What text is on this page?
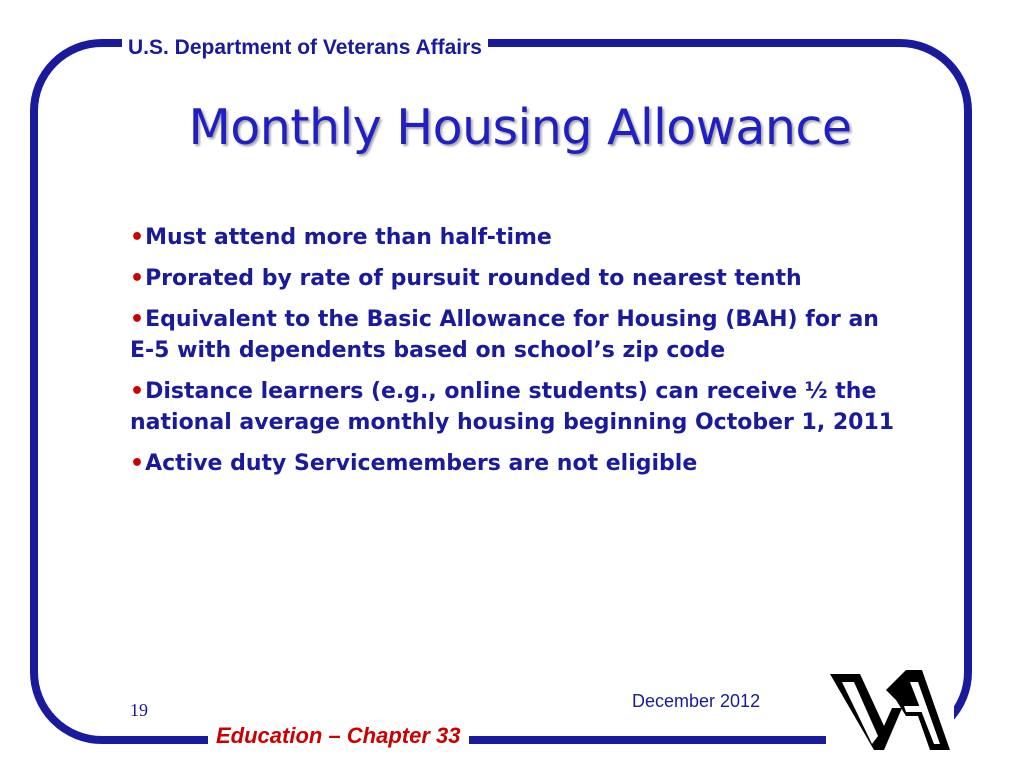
U.S. Department of Veterans Affairs
Monthly Housing Allowance
•Must attend more than half-time
•Prorated by rate of pursuit rounded to nearest tenth
•Equivalent to the Basic Allowance for Housing (BAH) for an E-5 with dependents based on school’s zip code
•Distance learners (e.g., online students) can receive ½ the national average monthly housing beginning October 1, 2011
•Active duty Servicemembers are not eligible
19	December 2012
Education – Chapter 33
